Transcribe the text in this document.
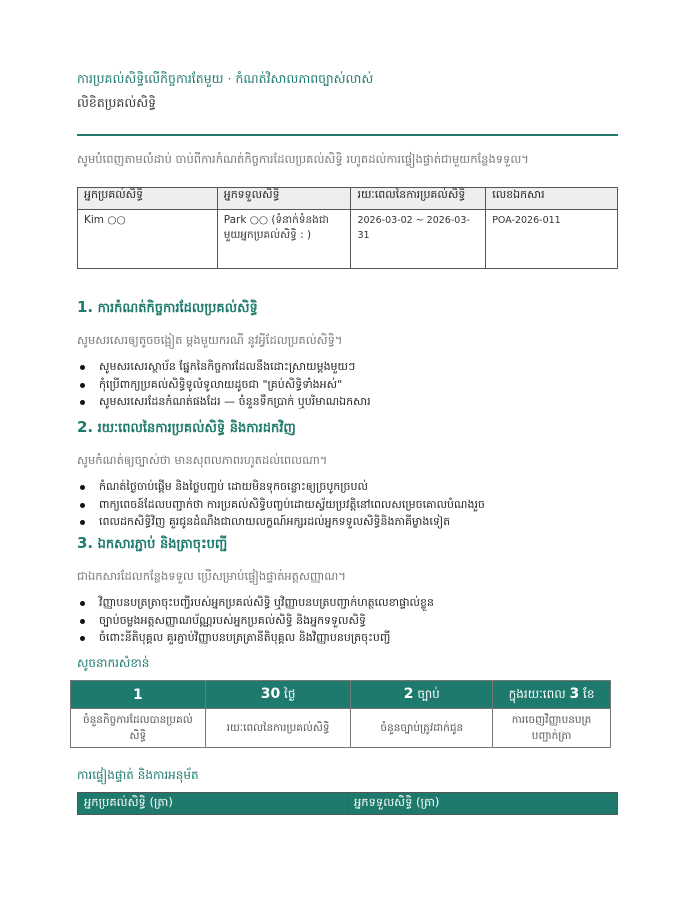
ការប្រគល់សិទ្ធិលើកិច្ចការតែមួយ · កំណត់វិសាលភាពច្បាស់លាស់
លិខិតប្រគល់សិទ្ធិ
សូមបំពេញតាមលំដាប់ ចាប់ពីការកំណត់កិច្ចការដែលប្រគល់សិទ្ធិ រហូតដល់ការផ្ទៀងផ្ទាត់ជាមួយកន្លែងទទួល។
អ្នកប្រគល់សិទ្ធិ	អ្នកទទួលសិទ្ធិ	រយៈពេលនៃការប្រគល់សិទ្ធិ	លេខឯកសារ
Kim ○○	Park ○○ (ទំនាក់ទំនងជាមួយអ្នកប្រគល់សិទ្ធិ : )	2026-03-02 ~ 2026-03-31	POA-2026-011
1. ការកំណត់កិច្ចការដែលប្រគល់សិទ្ធិ

សូមសរសេរឲ្យតូចចង្អៀត ម្តងមួយករណី នូវអ្វីដែលប្រគល់សិទ្ធិ។

សូមសរសេរស្ថាប័ន ផ្នែកនៃកិច្ចការដែលនឹងដោះស្រាយម្តងមួយៗ
កុំប្រើពាក្យប្រគល់សិទ្ធិទូលំទូលាយដូចជា "គ្រប់សិទ្ធិទាំងអស់"
សូមសរសេរដែនកំណត់ផងដែរ — ចំនួនទឹកប្រាក់ ឬបរិមាណឯកសារ
2. រយៈពេលនៃការប្រគល់សិទ្ធិ និងការដកវិញ

សូមកំណត់ឲ្យច្បាស់ថា មានសុពលភាពរហូតដល់ពេលណា។

កំណត់ថ្ងៃចាប់ផ្តើម និងថ្ងៃបញ្ចប់ ដោយមិនទុកចន្លោះឲ្យច្របូកច្របល់
ពាក្យពេចន៍ដែលបញ្ជាក់ថា ការប្រគល់សិទ្ធិបញ្ចប់ដោយស្វ័យប្រវត្តិនៅពេលសម្រេចគោលបំណងរួច
ពេលដកសិទ្ធិវិញ គួរជូនដំណឹងជាលាយលក្ខណ៍អក្សរដល់អ្នកទទួលសិទ្ធិនិងភាគីម្ខាងទៀត
3. ឯកសារភ្ជាប់ និងត្រាចុះបញ្ជី

ជាឯកសារដែលកន្លែងទទួល ប្រើសម្រាប់ផ្ទៀងផ្ទាត់អត្តសញ្ញាណ។

វិញ្ញាបនបត្រត្រាចុះបញ្ជីរបស់អ្នកប្រគល់សិទ្ធិ ឬវិញ្ញាបនបត្របញ្ជាក់ហត្ថលេខាផ្ទាល់ខ្លួន
ច្បាប់ចម្លងអត្តសញ្ញាណប័ណ្ណរបស់អ្នកប្រគល់សិទ្ធិ និងអ្នកទទួលសិទ្ធិ
ចំពោះនីតិបុគ្គល គួរភ្ជាប់វិញ្ញាបនបត្រត្រានីតិបុគ្គល និងវិញ្ញាបនបត្រចុះបញ្ជី
សូចនាករសំខាន់
1	30 ថ្ងៃ	2 ច្បាប់	ក្នុងរយៈពេល 3 ខែ
ចំនួនកិច្ចការដែលបានប្រគល់សិទ្ធិ	រយៈពេលនៃការប្រគល់សិទ្ធិ	ចំនួនច្បាប់ត្រូវដាក់ជូន	ការចេញវិញ្ញាបនបត្របញ្ជាក់ត្រា
ការផ្ទៀងផ្ទាត់ និងការអនុម័ត
អ្នកប្រគល់សិទ្ធិ (ត្រា)	អ្នកទទួលសិទ្ធិ (ត្រា)
